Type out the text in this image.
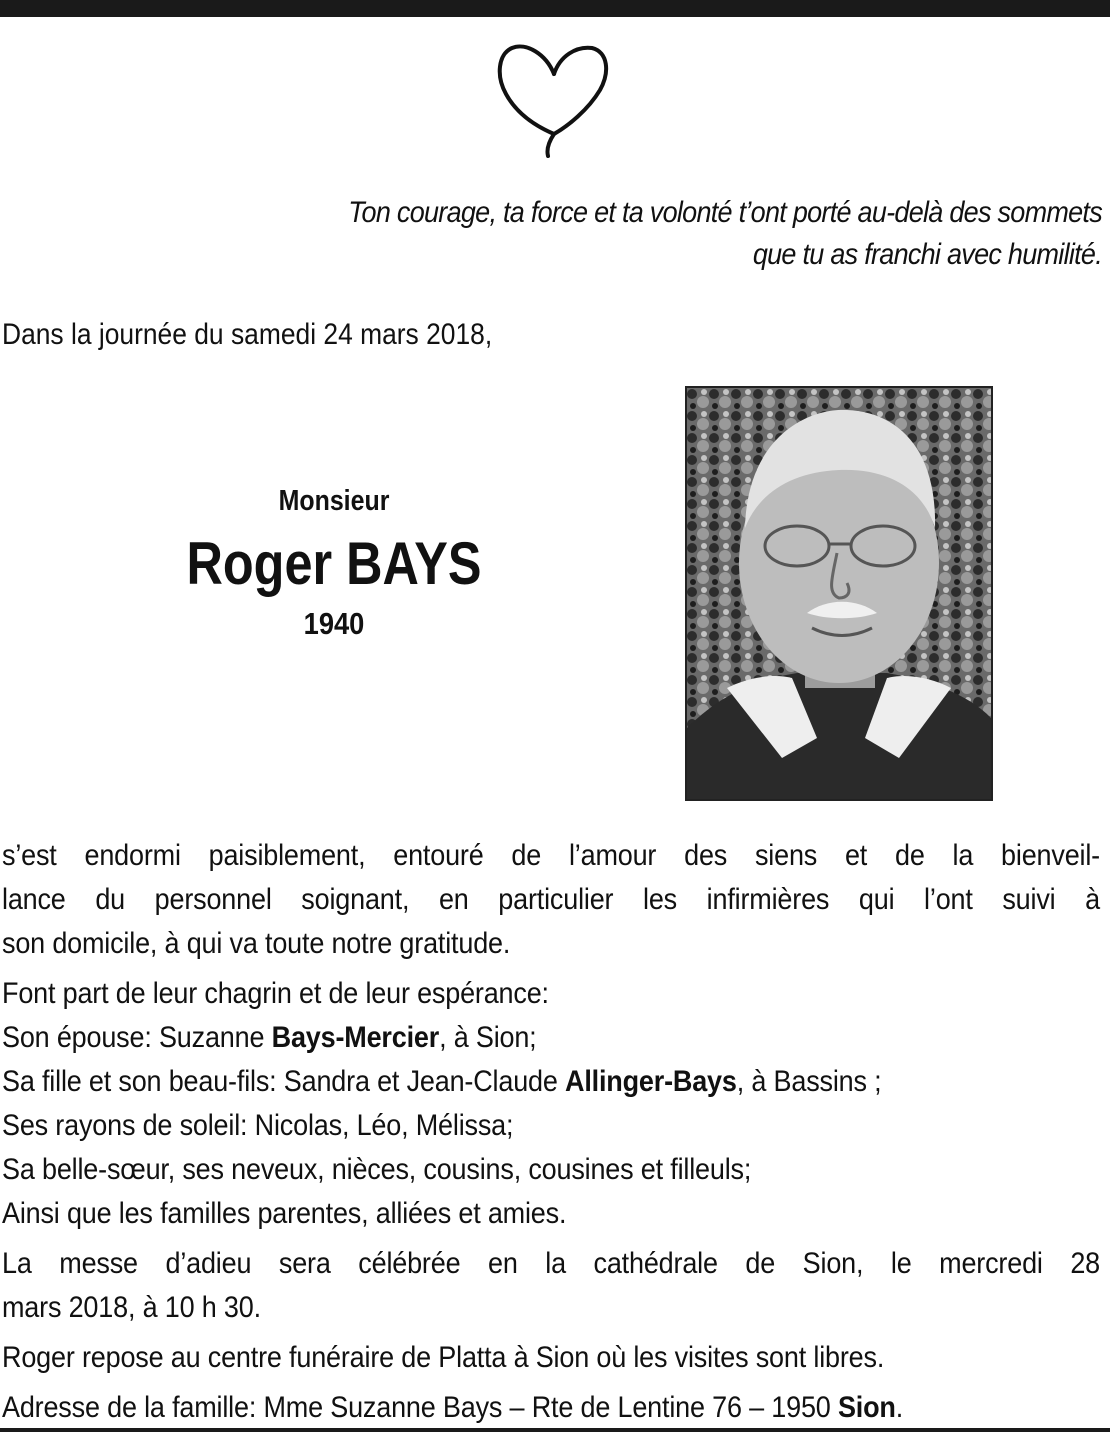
Ton courage, ta force et ta volonté t’ont porté au-delà des sommets
que tu as franchi avec humilité.
Dans la journée du samedi 24 mars 2018,
Monsieur
Roger BAYS
1940
s’est endormi paisiblement, entouré de l’amour des siens et de la bienveil-
lance du personnel soignant, en particulier les infirmières qui l’ont suivi à
son domicile, à qui va toute notre gratitude.
Font part de leur chagrin et de leur espérance:
Son épouse: Suzanne Bays-Mercier, à Sion;
Sa fille et son beau-fils: Sandra et Jean-Claude Allinger-Bays, à Bassins ;
Ses rayons de soleil: Nicolas, Léo, Mélissa;
Sa belle-sœur, ses neveux, nièces, cousins, cousines et filleuls;
Ainsi que les familles parentes, alliées et amies.
La messe d’adieu sera célébrée en la cathédrale de Sion, le mercredi 28
mars 2018, à 10 h 30.
Roger repose au centre funéraire de Platta à Sion où les visites sont libres.
Adresse de la famille: Mme Suzanne Bays – Rte de Lentine 76 – 1950 Sion.
